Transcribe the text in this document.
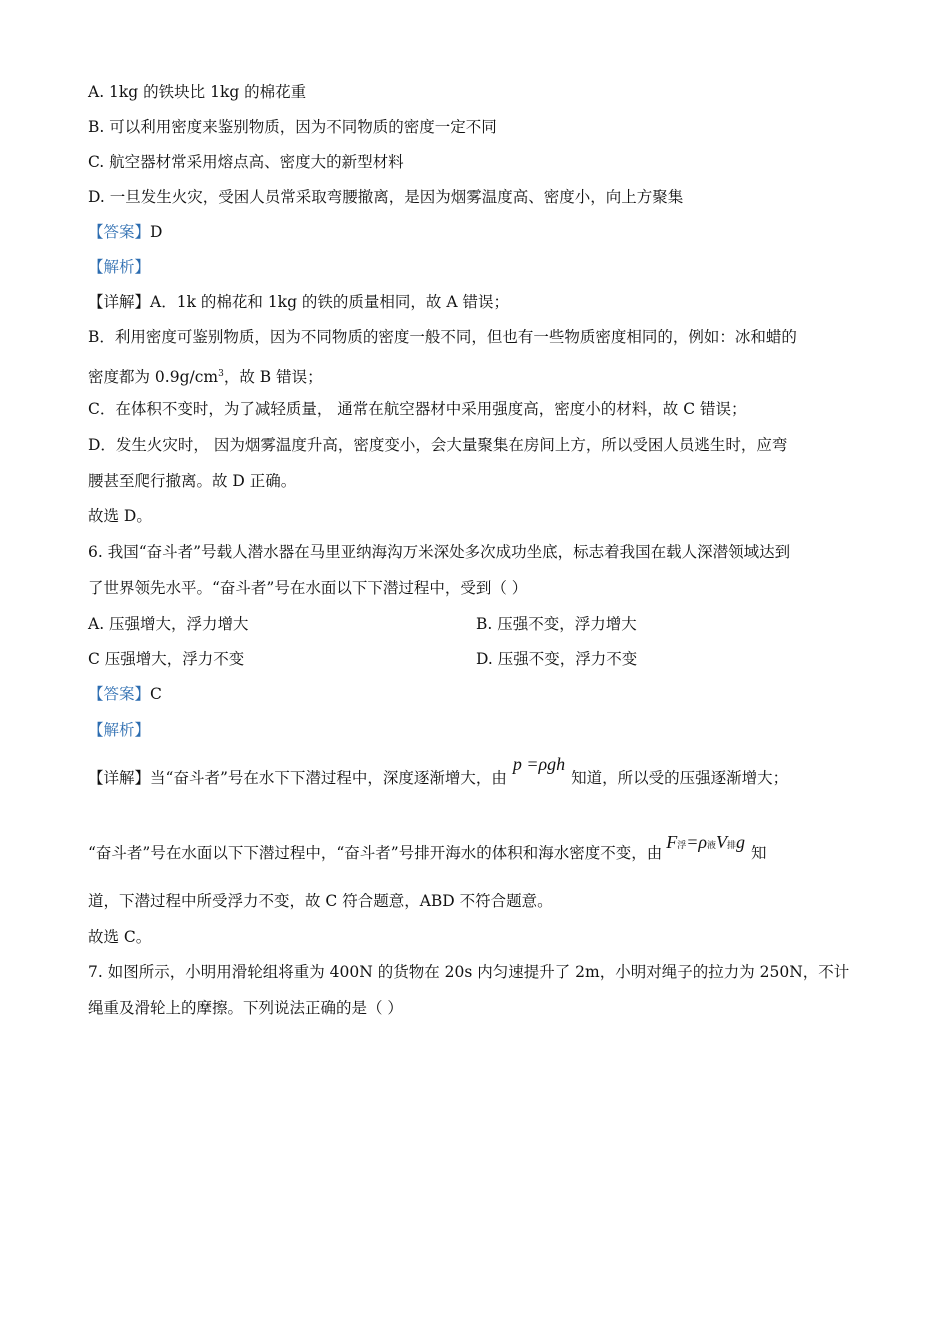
A. 1kg 的铁块比 1kg 的棉花重
B. 可以利用密度来鉴别物质，因为不同物质的密度一定不同
C. 航空器材常采用熔点高、密度大的新型材料
D. 一旦发生火灾，受困人员常采取弯腰撤离，是因为烟雾温度高、密度小，向上方聚集
【答案】D
【解析】
【详解】A．1k 的棉花和 1kg 的铁的质量相同，故 A 错误；
B．利用密度可鉴别物质，因为不同物质的密度一般不同，但也有一些物质密度相同的，例如：冰和蜡的
密度都为 $0.9g/cm^3$，故 B 错误；
C．在体积不变时，为了减轻质量， 通常在航空器材中采用强度高，密度小的材料，故 C 错误；
D．发生火灾时， 因为烟雾温度升高，密度变小，会大量聚集在房间上方，所以受困人员逃生时，应弯
腰甚至爬行撤离。故 D 正确。
故选 D。
6. 我国“奋斗者”号载人潜水器在马里亚纳海沟万米深处多次成功坐底，标志着我国在载人深潜领域达到
了世界领先水平。“奋斗者”号在水面以下下潜过程中，受到（ ）
A. 压强增大，浮力增大	B. 压强不变，浮力增大
C 压强增大，浮力不变	D. 压强不变，浮力不变
【答案】C
【解析】
【详解】当“奋斗者”号在水下下潜过程中，深度逐渐增大，由p =ρgh知道，所以受的压强逐渐增大；
“奋斗者”号在水面以下下潜过程中，“奋斗者”号排开海水的体积和海水密度不变，由F浮=ρ液V排g知
道，下潜过程中所受浮力不变，故 C 符合题意，ABD 不符合题意。
故选 C。
7. 如图所示，小明用滑轮组将重为 400N 的货物在 20s 内匀速提升了 2m，小明对绳子的拉力为 250N，不计
绳重及滑轮上的摩擦。下列说法正确的是（ ）
